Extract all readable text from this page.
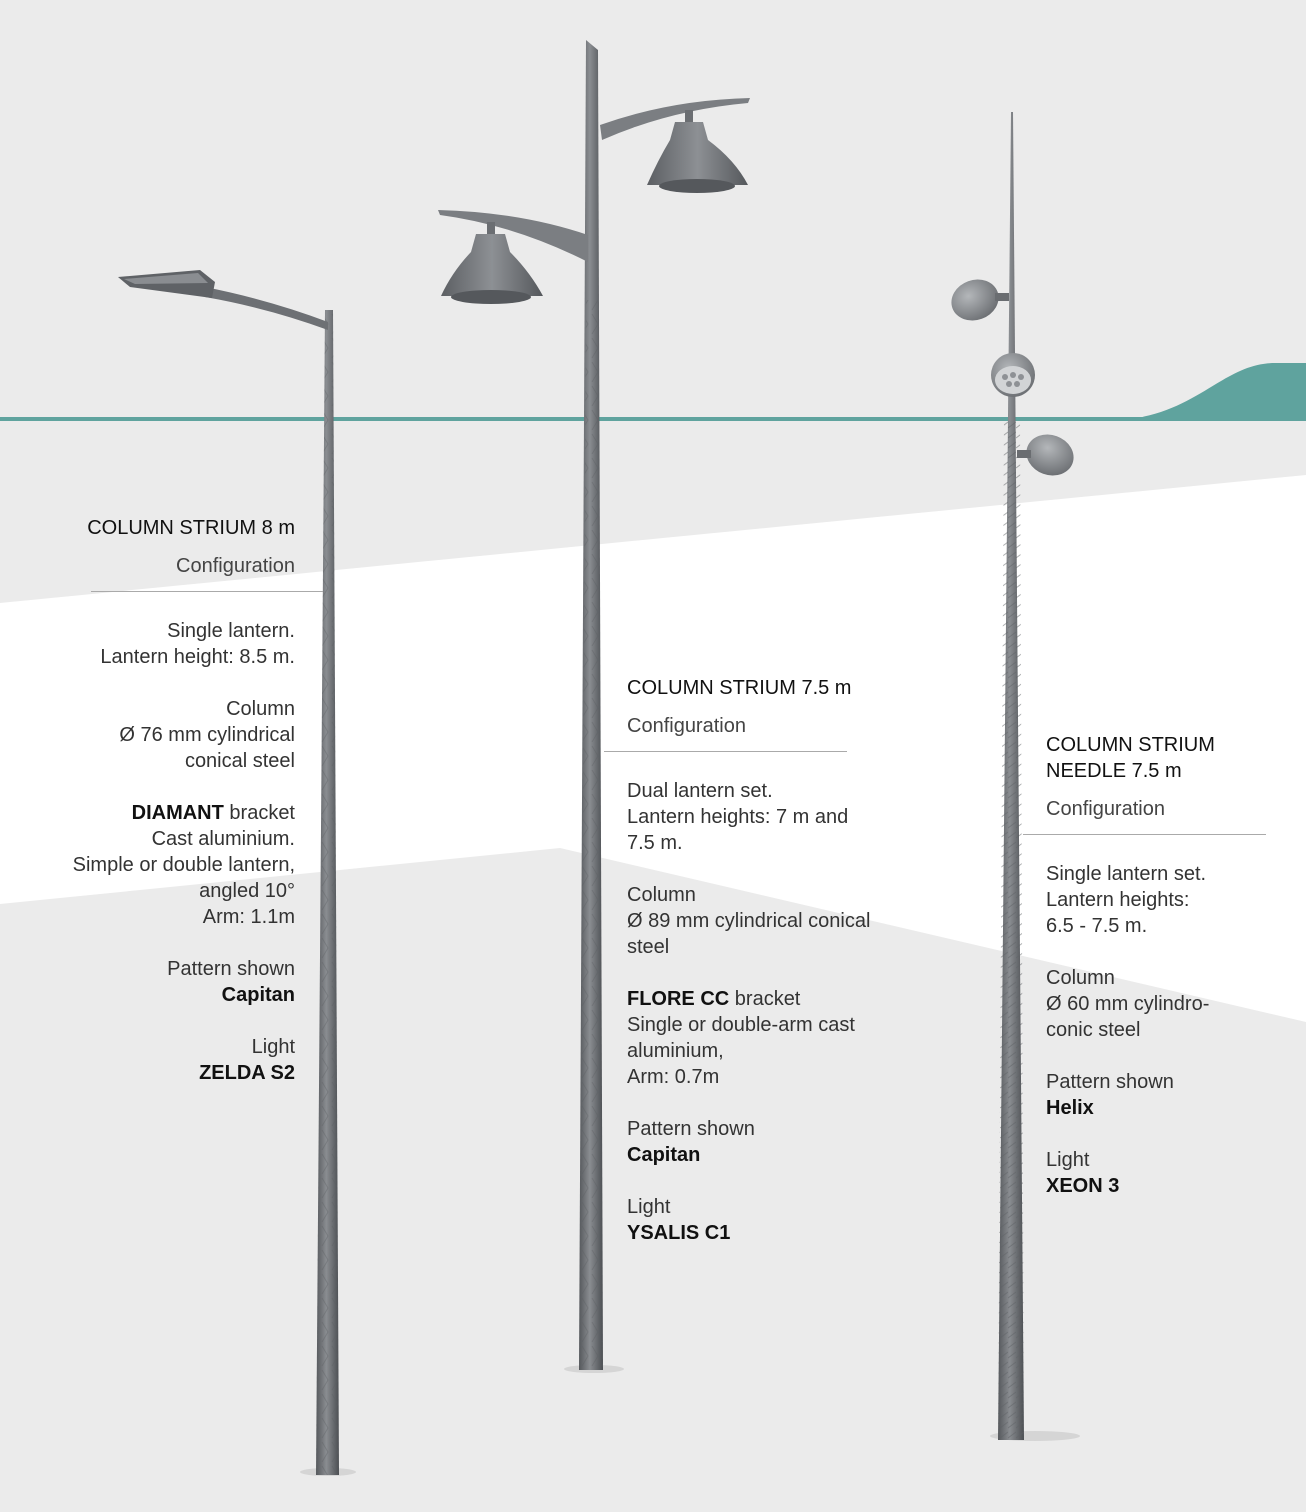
COLUMN STRIUM 8 m
Configuration
Single lantern.
Lantern height: 8.5 m.
Column
Ø 76 mm cylindrical
conical steel
DIAMANT bracket
Cast aluminium.
Simple or double lantern,
angled 10°
Arm: 1.1m
Pattern shown
Capitan
Light
ZELDA S2
COLUMN STRIUM 7.5 m
Configuration
Dual lantern set.
Lantern heights: 7 m and
7.5 m.
Column
Ø 89 mm cylindrical conical
steel
FLORE CC bracket
Single or double-arm cast
aluminium,
Arm: 0.7m
Pattern shown
Capitan
Light
YSALIS C1
COLUMN STRIUM
NEEDLE 7.5 m
Configuration
Single lantern set.
Lantern heights:
6.5 - 7.5 m.
Column
Ø 60 mm cylindro-
conic steel
Pattern shown
Helix
Light
XEON 3
